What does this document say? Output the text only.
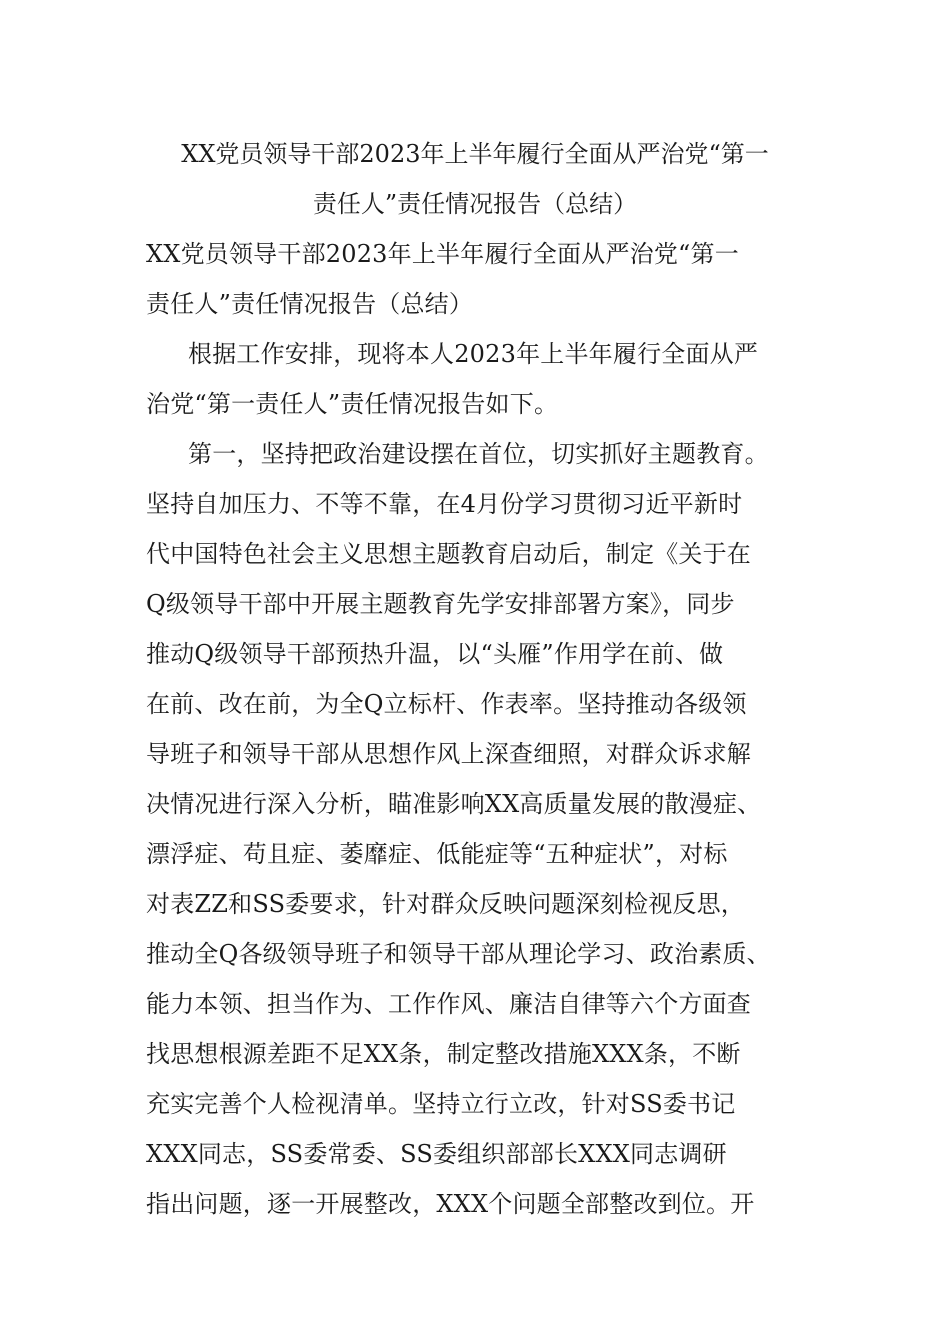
XX党员领导干部2023年上半年履行全面从严治党“第一
责任人”责任情况报告（总结）
XX党员领导干部2023年上半年履行全面从严治党“第一
责任人”责任情况报告（总结）
根据工作安排，现将本人2023年上半年履行全面从严
治党“第一责任人”责任情况报告如下。
第一，坚持把政治建设摆在首位，切实抓好主题教育。
坚持自加压力、不等不靠，在4月份学习贯彻习近平新时
代中国特色社会主义思想主题教育启动后，制定《关于在
Q级领导干部中开展主题教育先学安排部署方案》，同步
推动Q级领导干部预热升温，以“头雁”作用学在前、做
在前、改在前，为全Q立标杆、作表率。坚持推动各级领
导班子和领导干部从思想作风上深查细照，对群众诉求解
决情况进行深入分析，瞄准影响XX高质量发展的散漫症、
漂浮症、苟且症、萎靡症、低能症等“五种症状”，对标
对表ZZ和SS委要求，针对群众反映问题深刻检视反思，
推动全Q各级领导班子和领导干部从理论学习、政治素质、
能力本领、担当作为、工作作风、廉洁自律等六个方面查
找思想根源差距不足XX条，制定整改措施XXX条，不断
充实完善个人检视清单。坚持立行立改，针对SS委书记
XXX同志，SS委常委、SS委组织部部长XXX同志调研
指出问题，逐一开展整改，XXX个问题全部整改到位。开
